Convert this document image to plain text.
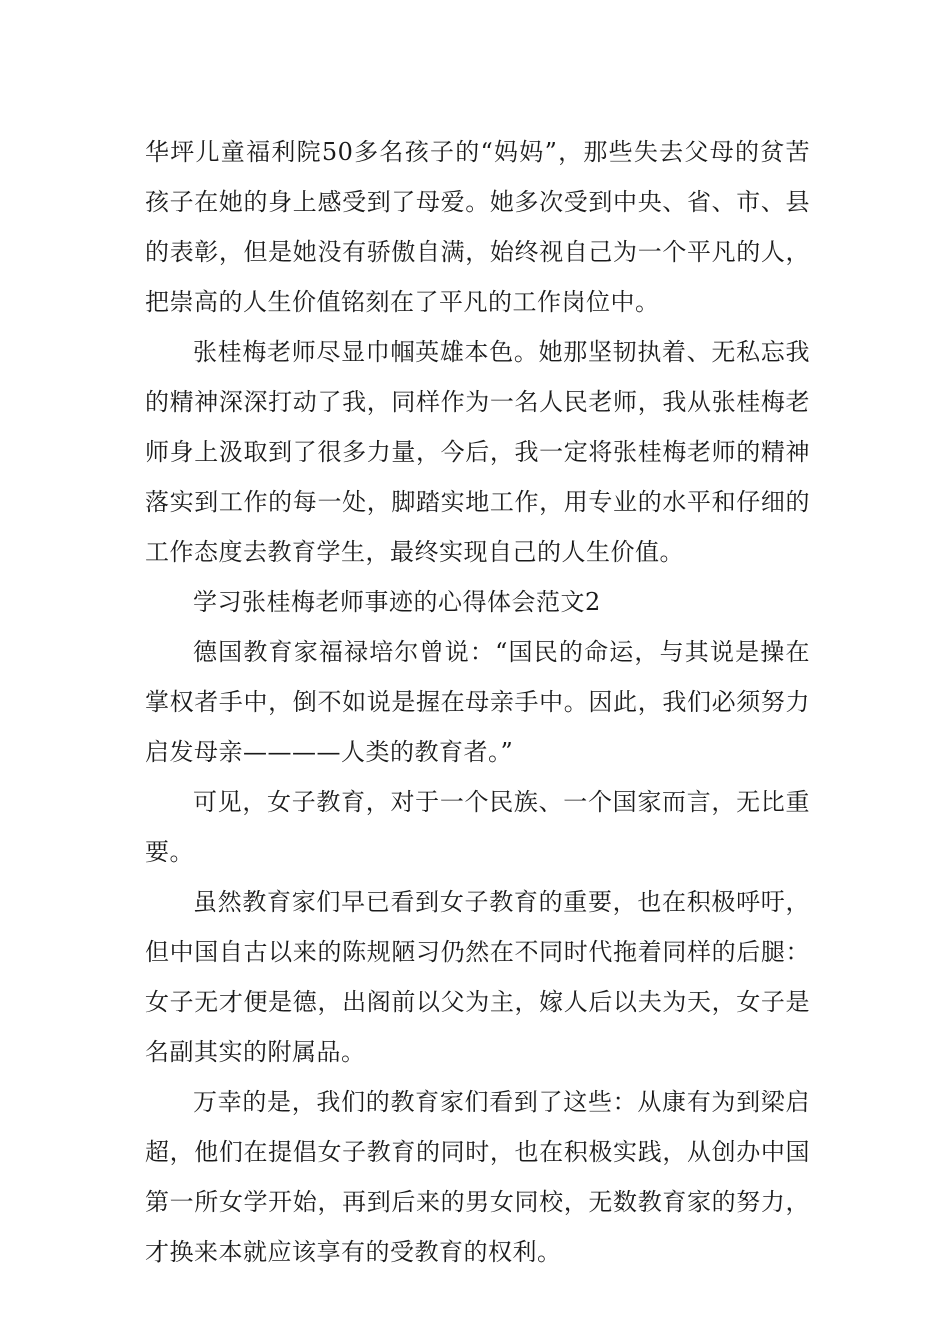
华坪儿童福利院50多名孩子的“妈妈”，那些失去父母的贫苦孩子在她的身上感受到了母爱。她多次受到中央、省、市、县的表彰，但是她没有骄傲自满，始终视自己为一个平凡的人，把崇高的人生价值铭刻在了平凡的工作岗位中。

张桂梅老师尽显巾帼英雄本色。她那坚韧执着、无私忘我的精神深深打动了我，同样作为一名人民老师，我从张桂梅老师身上汲取到了很多力量，今后，我一定将张桂梅老师的精神落实到工作的每一处，脚踏实地工作，用专业的水平和仔细的工作态度去教育学生，最终实现自己的人生价值。

学习张桂梅老师事迹的心得体会范文2

德国教育家福禄培尔曾说：“国民的命运，与其说是操在掌权者手中，倒不如说是握在母亲手中。因此，我们必须努力启发母亲————人类的教育者。”

可见，女子教育，对于一个民族、一个国家而言，无比重要。

虽然教育家们早已看到女子教育的重要，也在积极呼吁，但中国自古以来的陈规陋习仍然在不同时代拖着同样的后腿：女子无才便是德，出阁前以父为主，嫁人后以夫为天，女子是名副其实的附属品。

万幸的是，我们的教育家们看到了这些：从康有为到梁启超，他们在提倡女子教育的同时，也在积极实践，从创办中国第一所女学开始，再到后来的男女同校，无数教育家的努力，才换来本就应该享有的受教育的权利。
